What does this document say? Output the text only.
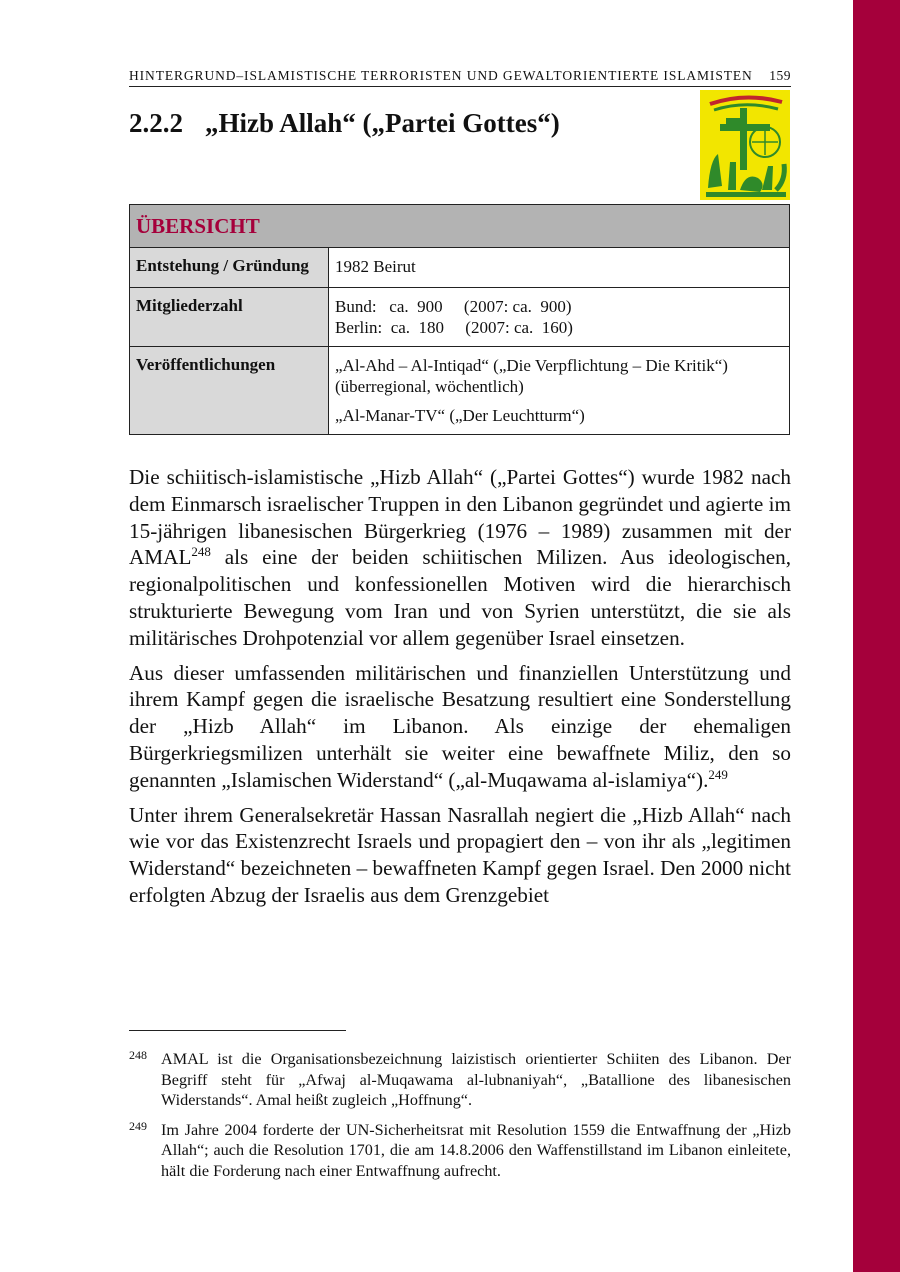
HINTERGRUND–ISLAMISTISCHE TERRORISTEN UND GEWALTORIENTIERTE ISLAMISTEN 159
2.2.2 „Hizb Allah“ („Partei Gottes“)
ÜBERSICHT	
Entstehung / Gründung	1982 Beirut

Mitgliederzahl	Bund:   ca.  900     (2007: ca.  900)
Berlin:  ca.  180     (2007: ca.  160)

Veröffentlichungen	„Al-Ahd – Al-Intiqad“ („Die Verpflichtung – Die Kritik“)
(überregional, wöchentlich)
„Al-Manar-TV“ („Der Leuchtturm“)

Die schiitisch-islamistische „Hizb Allah“ („Partei Gottes“) wurde 1982 nach dem Einmarsch israelischer Truppen in den Libanon gegründet und agierte im 15-jährigen libanesischen Bürgerkrieg (1976 – 1989) zusammen mit der AMAL$^{248}$ als eine der beiden schiitischen Milizen. Aus ideologischen, regionalpolitischen und konfessionellen Motiven wird die hierarchisch strukturierte Bewegung vom Iran und von Syrien unterstützt, die sie als militärisches Drohpotenzial vor allem gegenüber Israel einsetzen.

Aus dieser umfassenden militärischen und finanziellen Unterstützung und ihrem Kampf gegen die israelische Besatzung resultiert eine Sonderstellung der „Hizb Allah“ im Libanon. Als einzige der ehemaligen Bürgerkriegsmilizen unterhält sie weiter eine bewaffnete Miliz, den so genannten „Islamischen Widerstand“ („al-Muqawama al-islamiya“).$^{249}$

Unter ihrem Generalsekretär Hassan Nasrallah negiert die „Hizb Allah“ nach wie vor das Existenzrecht Israels und propagiert den – von ihr als „legitimen Widerstand“ bezeichneten – bewaffneten Kampf gegen Israel. Den 2000 nicht erfolgten Abzug der Israelis aus dem Grenzgebiet

248 AMAL ist die Organisationsbezeichnung laizistisch orientierter Schiiten des Libanon. Der Begriff steht für „Afwaj al-Muqawama al-lubnaniyah“, „Batallione des libanesischen Widerstands“. Amal heißt zugleich „Hoffnung“.
249 Im Jahre 2004 forderte der UN-Sicherheitsrat mit Resolution 1559 die Entwaffnung der „Hizb Allah“; auch die Resolution 1701, die am 14.8.2006 den Waffenstillstand im Libanon einleitete, hält die Forderung nach einer Entwaffnung aufrecht.
